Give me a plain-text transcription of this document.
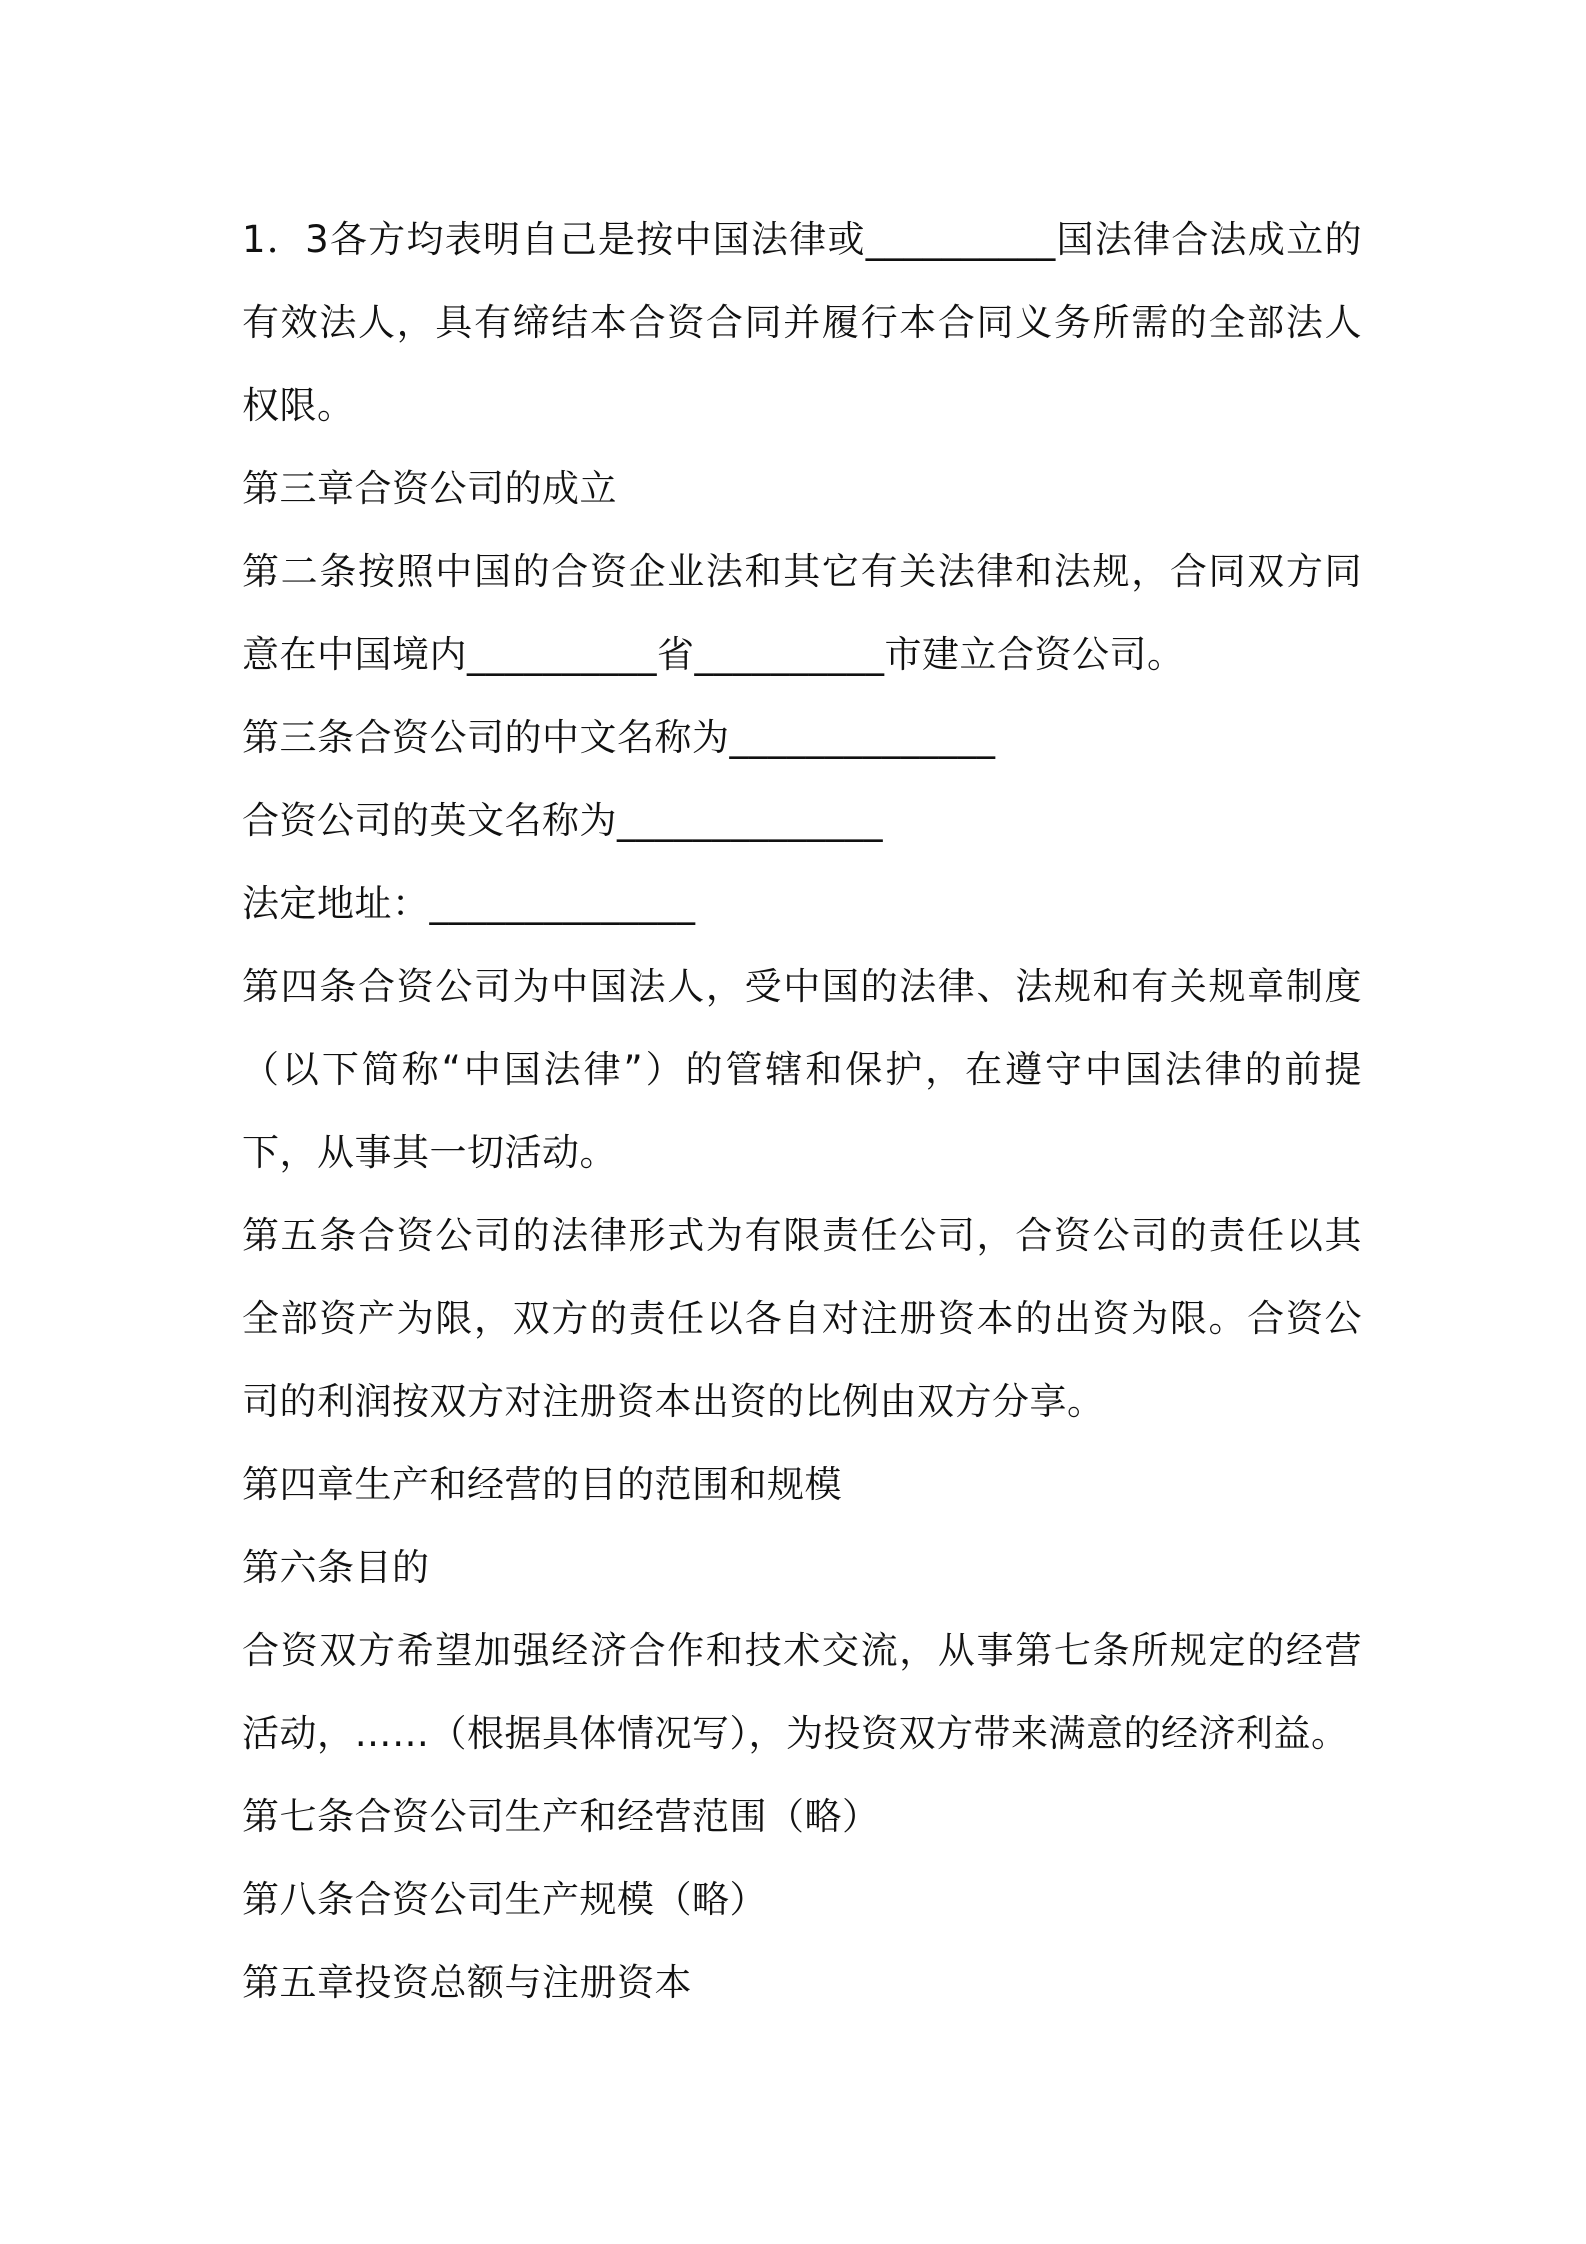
1．3各方均表明自己是按中国法律或__________国法律合法成立的有效法人，具有缔结本合资合同并履行本合同义务所需的全部法人权限。

第三章合资公司的成立

第二条按照中国的合资企业法和其它有关法律和法规，合同双方同意在中国境内__________省__________市建立合资公司。

第三条合资公司的中文名称为______________

合资公司的英文名称为______________

法定地址：______________

第四条合资公司为中国法人，受中国的法律、法规和有关规章制度（以下简称“中国法律”）的管辖和保护，在遵守中国法律的前提下，从事其一切活动。

第五条合资公司的法律形式为有限责任公司，合资公司的责任以其全部资产为限，双方的责任以各自对注册资本的出资为限。合资公司的利润按双方对注册资本出资的比例由双方分享。

第四章生产和经营的目的范围和规模

第六条目的

合资双方希望加强经济合作和技术交流，从事第七条所规定的经营活动，……（根据具体情况写），为投资双方带来满意的经济利益。

第七条合资公司生产和经营范围（略）

第八条合资公司生产规模（略）

第五章投资总额与注册资本
